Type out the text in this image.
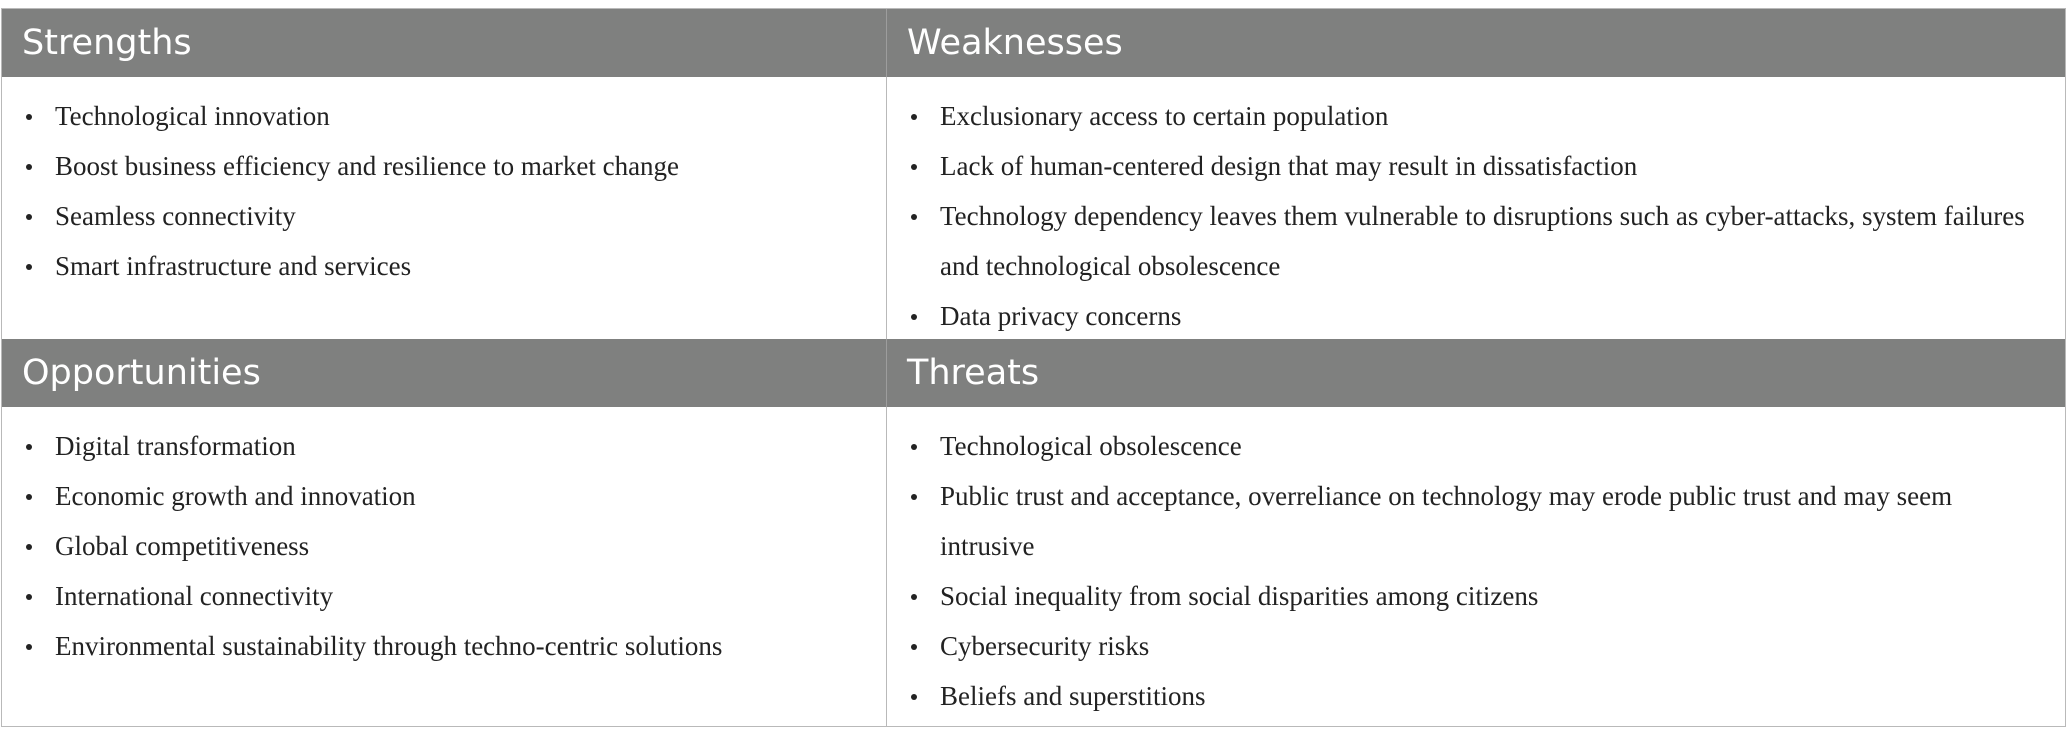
Strengths	Weaknesses
Technological innovation
Boost business efficiency and resilience to market change
Seamless connectivity
Smart infrastructure and services
Exclusionary access to certain population
Lack of human-centered design that may result in dissatisfaction
Technology dependency leaves them vulnerable to disruptions such as cyber-attacks, system failures and technological obsolescence
Data privacy concerns
Opportunities	Threats
Digital transformation
Economic growth and innovation
Global competitiveness
International connectivity
Environmental sustainability through techno-centric solutions
Technological obsolescence
Public trust and acceptance, overreliance on technology may erode public trust and may seem intrusive
Social inequality from social disparities among citizens
Cybersecurity risks
Beliefs and superstitions
